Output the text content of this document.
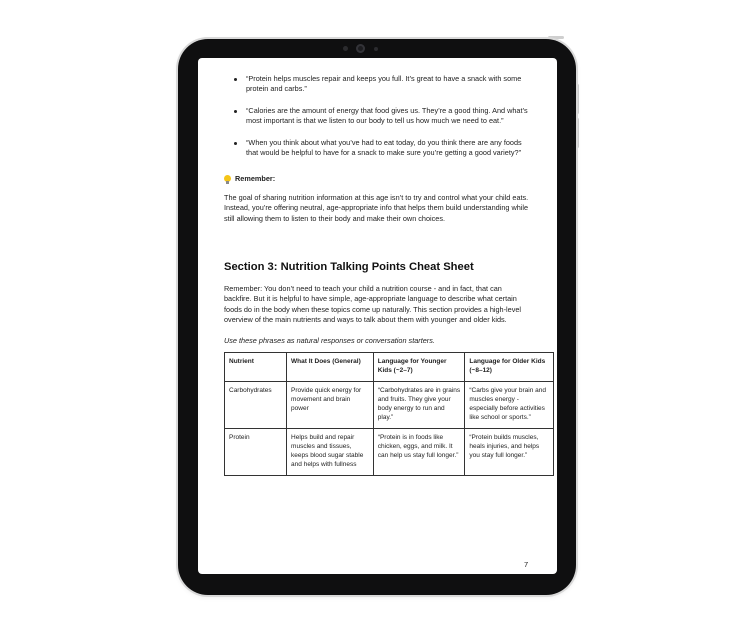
“Protein helps muscles repair and keeps you full. It’s great to have a snack with some protein and carbs.”
“Calories are the amount of energy that food gives us. They’re a good thing. And what’s most important is that we listen to our body to tell us how much we need to eat.”
“When you think about what you’ve had to eat today, do you think there are any foods that would be helpful to have for a snack to make sure you’re getting a good variety?”
Remember:

The goal of sharing nutrition information at this age isn’t to try and control what your child eats. Instead, you’re offering neutral, age-appropriate info that helps them build understanding while still allowing them to listen to their body and make their own choices.

Section 3: Nutrition Talking Points Cheat Sheet

Remember: You don’t need to teach your child a nutrition course - and in fact, that can backfire. But it is helpful to have simple, age-appropriate language to describe what certain foods do in the body when these topics come up naturally. This section provides a high-level overview of the main nutrients and ways to talk about them with younger and older kids.

Use these phrases as natural responses or conversation starters.

Nutrient	What It Does (General)	Language for Younger Kids (~2–7)	Language for Older Kids (~8–12)
Carbohydrates	Provide quick energy for movement and brain power	“Carbohydrates are in grains and fruits. They give your body energy to run and play.”	“Carbs give your brain and muscles energy - especially before activities like school or sports.”
Protein	Helps build and repair muscles and tissues, keeps blood sugar stable and helps with fullness	“Protein is in foods like chicken, eggs, and milk. It can help us stay full longer.”	“Protein builds muscles, heals injuries, and helps you stay full longer.”
7
